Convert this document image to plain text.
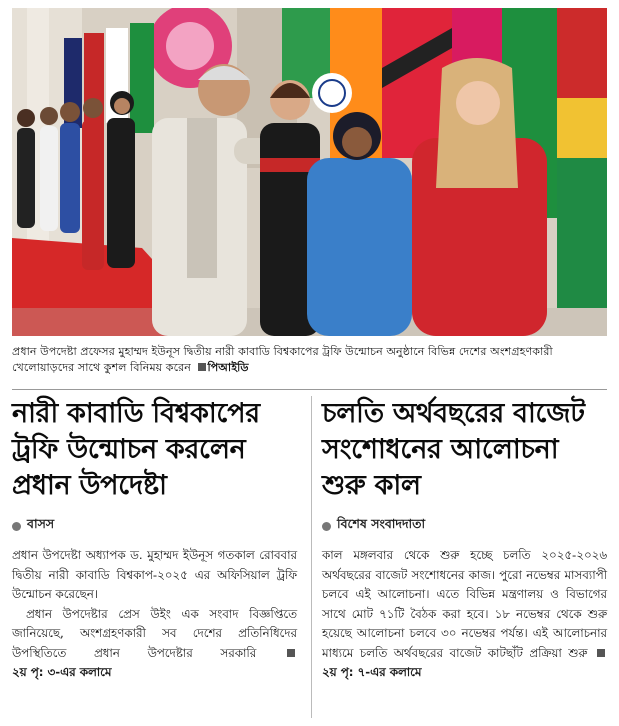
প্রধান উপদেষ্টা প্রফেসর মুহাম্মদ ইউনূস দ্বিতীয় নারী কাবাডি বিশ্বকাপের ট্রফি উন্মোচন অনুষ্ঠানে বিভিন্ন দেশের অংশগ্রহণকারী খেলোয়াড়দের সাথে কুশল বিনিময় করেন পিআইডি
নারী কাবাডি বিশ্বকাপের ট্রফি উন্মোচন করলেন প্রধান উপদেষ্টা
বাসস

প্রধান উপদেষ্টা অধ্যাপক ড. মুহাম্মদ ইউনূস গতকাল রোববার দ্বিতীয় নারী কাবাডি বিশ্বকাপ-২০২৫ এর অফিসিয়াল ট্রফি উন্মোচন করেছেন।

প্রধান উপদেষ্টার প্রেস উইং এক সংবাদ বিজ্ঞপ্তিতে জানিয়েছে, অংশগ্রহণকারী সব দেশের প্রতিনিধিদের উপস্থিতিতে প্রধান উপদেষ্টার সরকারি ২য় পৃ: ৩-এর কলামে

চলতি অর্থবছরের বাজেট সংশোধনের আলোচনা শুরু কাল
বিশেষ সংবাদদাতা

কাল মঙ্গলবার থেকে শুরু হচ্ছে চলতি ২০২৫-২০২৬ অর্থবছরের বাজেট সংশোধনের কাজ। পুরো নভেম্বর মাসব্যাপী চলবে এই আলোচনা। এতে বিভিন্ন মন্ত্রণালয় ও বিভাগের সাথে মোট ৭১টি বৈঠক করা হবে। ১৮ নভেম্বর থেকে শুরু হয়েছে আলোচনা চলবে ৩০ নভেম্বর পর্যন্ত। এই আলোচনার মাধ্যমে চলতি অর্থবছরের বাজেট কাটছাঁট প্রক্রিয়া শুরু ২য় পৃ: ৭-এর কলামে
